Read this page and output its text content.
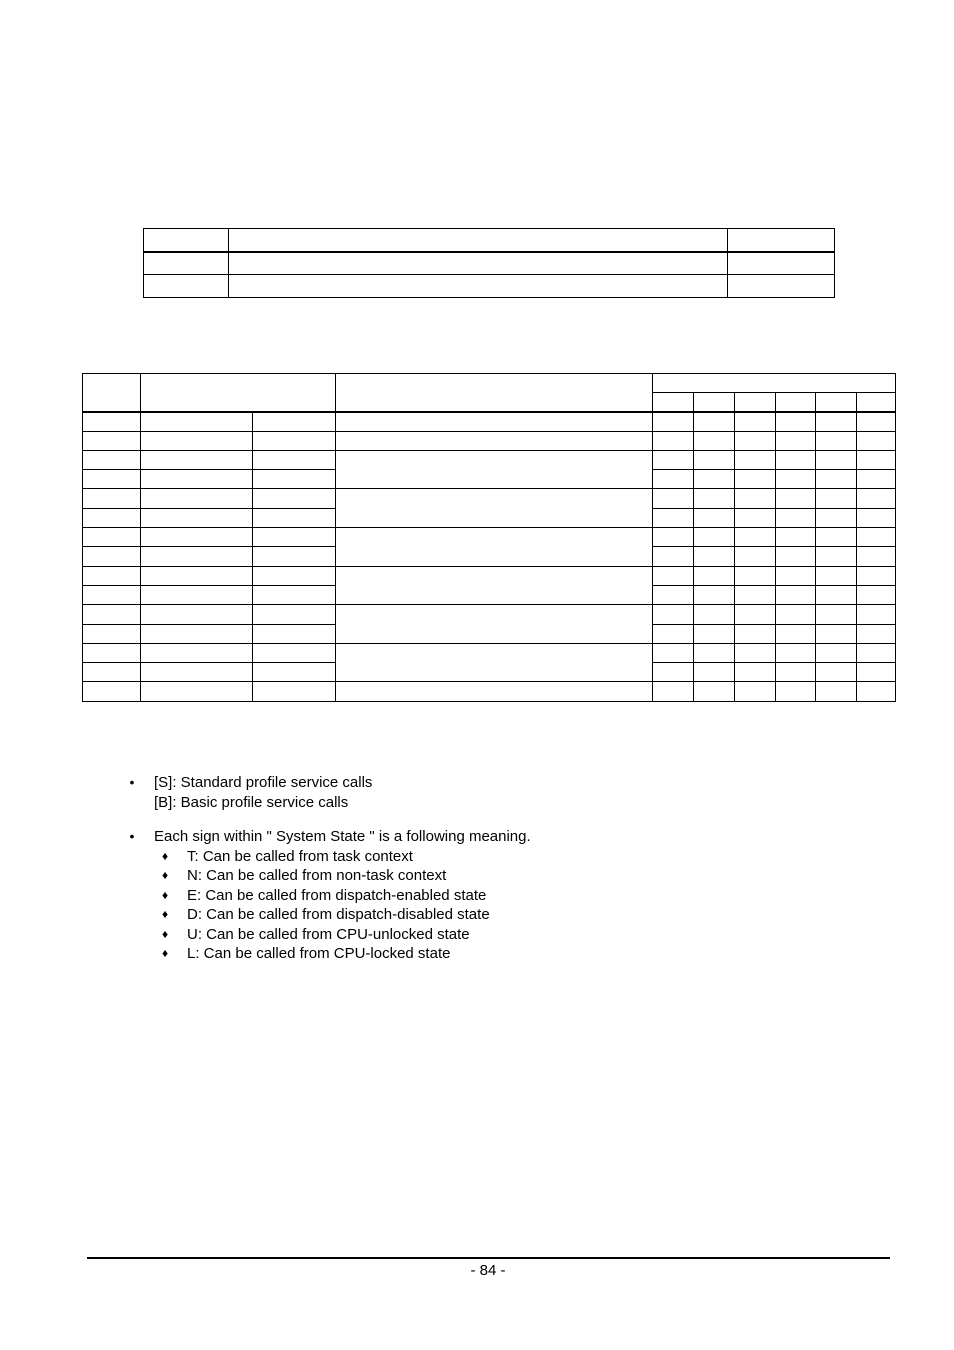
•	[S]: Standard profile service calls
[B]: Basic profile service calls
•	Each sign within " System State " is a following meaning.
♦ T: Can be called from task context
♦ N: Can be called from non-task context
♦ E: Can be called from dispatch-enabled state
♦ D: Can be called from dispatch-disabled state
♦ U: Can be called from CPU-unlocked state
♦ L: Can be called from CPU-locked state
- 84 -
